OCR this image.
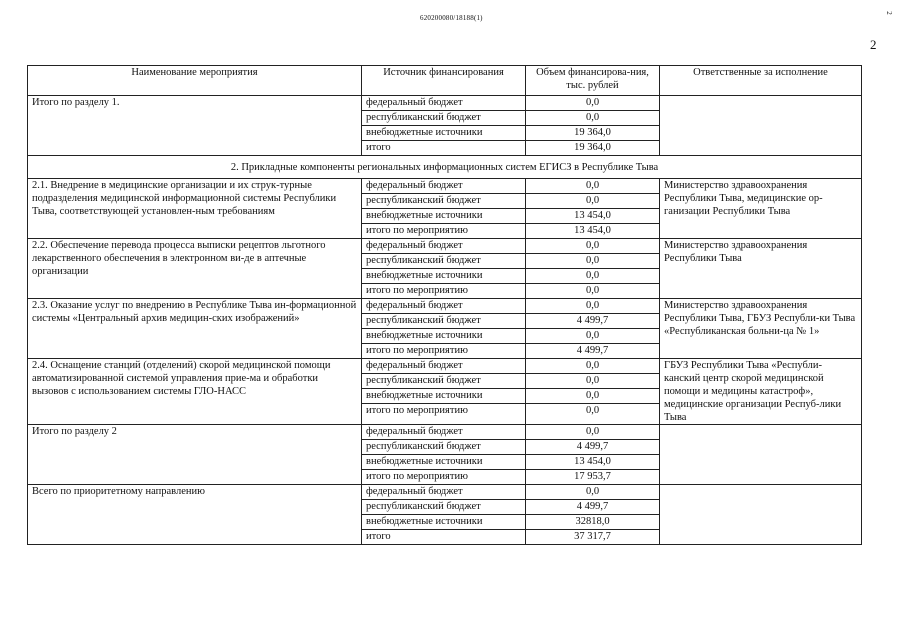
620200080/18188(1)
2
2
Наименование мероприятия	Источник финансирования	Объем финансирова-ния, тыс. рублей	Ответственные за исполнение
Итого по разделу 1.	федеральный бюджет	0,0	
	республиканский бюджет	0,0	
	внебюджетные источники	19 364,0	
	итого	19 364,0	
2. Прикладные компоненты региональных информационных систем ЕГИСЗ в Республике Тыва			
2.1. Внедрение в медицинские организации и их струк-турные подразделения медицинской информационной системы Республики Тыва, соответствующей установлен-ным требованиям	федеральный бюджет	0,0	Министерство здравоохранения Республики Тыва, медицинские ор-ганизации Республики Тыва
	республиканский бюджет	0,0	
	внебюджетные источники	13 454,0	
	итого по мероприятию	13 454,0	
2.2. Обеспечение перевода процесса выписки рецептов льготного лекарственного обеспечения в электронном ви-де в аптечные организации	федеральный бюджет	0,0	Министерство здравоохранения Республики Тыва
	республиканский бюджет	0,0	
	внебюджетные источники	0,0	
	итого по мероприятию	0,0	
2.3. Оказание услуг по внедрению в Республике Тыва ин-формационной системы «Центральный архив медицин-ских изображений»	федеральный бюджет	0,0	Министерство здравоохранения Республики Тыва, ГБУЗ Республи-ки Тыва «Республиканская больни-ца № 1»
	республиканский бюджет	4 499,7	
	внебюджетные источники	0,0	
	итого по мероприятию	4 499,7	
2.4. Оснащение станций (отделений) скорой медицинской помощи автоматизированной системой управления прие-ма и обработки вызовов с использованием системы ГЛО-НАСС	федеральный бюджет	0,0	ГБУЗ Республики Тыва «Республи-канский центр скорой медицинской помощи и медицины катастроф», медицинские организации Респуб-лики Тыва
	республиканский бюджет	0,0	
	внебюджетные источники	0,0	
	итого по мероприятию	0,0	

Итого по разделу 2	федеральный бюджет	0,0	
	республиканский бюджет	4 499,7	
	внебюджетные источники	13 454,0	
	итого по мероприятию	17 953,7	
Всего по приоритетному направлению	федеральный бюджет	0,0	
	республиканский бюджет	4 499,7	
	внебюджетные источники	32818,0	
	итого	37 317,7	
